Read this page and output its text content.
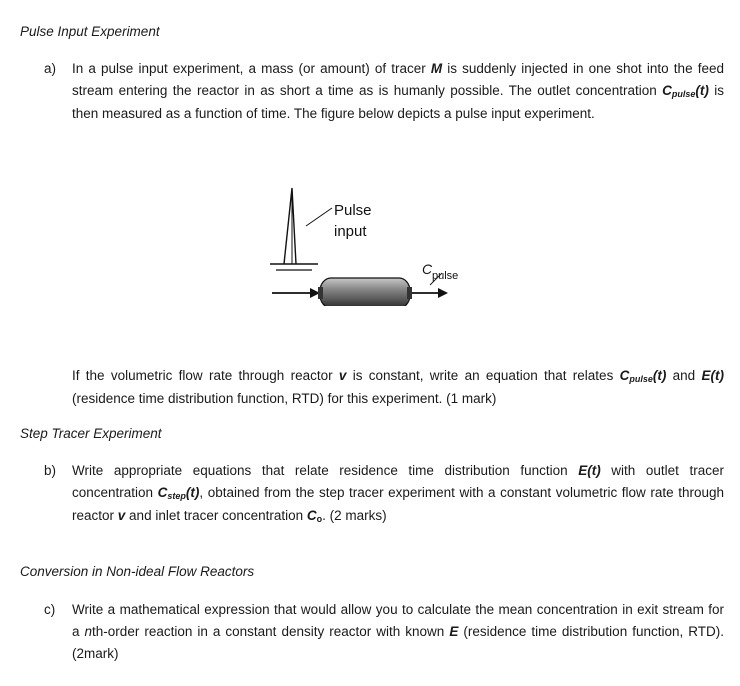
Pulse Input Experiment
a) In a pulse input experiment, a mass (or amount) of tracer M is suddenly injected in one shot into the feed stream entering the reactor in as short a time as is humanly possible. The outlet concentration Cpulse(t) is then measured as a function of time. The figure below depicts a pulse input experiment.
Pulse
input
C pulse
If the volumetric flow rate through reactor v is constant, write an equation that relates Cpulse(t) and E(t) (residence time distribution function, RTD) for this experiment. (1 mark)
Step Tracer Experiment
b) Write appropriate equations that relate residence time distribution function E(t) with outlet tracer concentration Cstep(t), obtained from the step tracer experiment with a constant volumetric flow rate through reactor v and inlet tracer concentration Co. (2 marks)
Conversion in Non-ideal Flow Reactors
c) Write a mathematical expression that would allow you to calculate the mean concentration in exit stream for a nth-order reaction in a constant density reactor with known E (residence time distribution function, RTD). (2mark)
